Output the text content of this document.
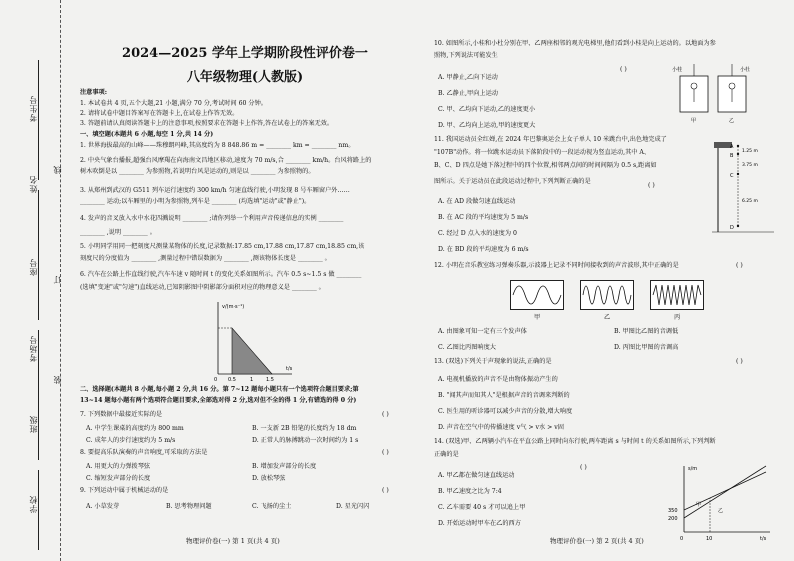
考生号
姓名
座号
考场号
班级
学校
线
订
装
2024—2025 学年上学期阶段性评价卷一
八年级物理(人教版)
注意事项:
1. 本试卷共 4 页,五个大题,21 小题,满分 70 分,考试时间 60 分钟。
2. 请将试卷中题目答案写在答题卡上,在试卷上作答无效。
3. 答题前请认真阅读答题卡上的注意事项,按照要求在答题卡上作答,答在试卷上的答案无效。
一、填空题(本题共 6 小题,每空 1 分,共 14 分)
1. 世界海拔最高的山峰——珠穆朗玛峰,其高度约为 8 848.86 m = ________ km = ________ nm。
2. 中央气象台播报,超强台风摩羯在向海南文昌地区移动,速度为 70 m/s,合 ________ km/h。台风将路上的
树木吹倒是以 ________ 为参照物,若说明台风是运动的,则是以 ________ 为参照物的。
3. 从郑州到武汉的 G511 列车运行速度约 300 km/h 匀速直线行驶,小明发现 8 号车厢窗户外……
________ 运动;以车厢里的小明为参照物,列车是 ________ (均选填"运动"或"静止")。
4. 发声的音叉放入水中水花四溅说明 ________ ;请你列举一个利用声音传递信息的实例 ________
________ ,说明 ________ 。
5. 小明同学用同一把刻度尺测量某物体的长度,记录数据:17.85 cm,17.88 cm,17.87 cm,18.85 cm,该
刻度尺的分度值为 ________ ,测量过程中错误数据为 ________ ,测该物体长度是 ________ 。
6. 汽车在公路上作直线行驶,汽车车速 v 随时间 t 的变化关系如图所示。汽车 0.5 s~1.5 s 做 ________
(选填"变速"或"匀速")直线运动,已知阴影图中阴影部分面积对应的物理意义是 ________ 。
v/(m·s⁻¹)
t/s
0 0.5	1	1.5
二、选择题(本题共 8 小题,每小题 2 分,共 16 分。第 7~12 题每小题只有一个选项符合题目要求;第
13~14 题每小题有两个选项符合题目要求,全部选对得 2 分,选对但不全的得 1 分,有错选的得 0 分)
7. 下列数据中最接近实际的是	( )
A. 中学生课桌的高度约为 800 mm	B. 一支新 2B 铅笔的长度约为 18 dm
C. 成年人的步行速度约为 5 m/s	D. 正常人的脉搏跳动一次时间约为 1 s
8. 要提高乐队演奏的声音响度,可采取的方法是	( )
A. 用更大的力弹拨琴弦	B. 增加发声部分的长度
C. 缩短发声部分的长度	D. 放松琴弦
9. 下列运动中属于机械运动的是	( )
A. 小草发芽	B. 思考物理问题	C. 飞扬的尘土	D. 星光闪闪
物理评价卷(一) 第 1 页(共 4 页)
10. 如图所示,小桂和小杜分别在甲、乙两座相邻的观光电梯里,他们看到小桂是向上运动的。以地面为参
照物,下列说法可能发生
( )
A. 甲静止,乙向下运动
B. 乙静止,甲向上运动
C. 甲、乙均向下运动,乙的速度更小
D. 甲、乙均向上运动,甲的速度更大
小桂	小杜
甲	乙
11. 我国运动员全红婵,在 2024 年巴黎奥运会上女子单人 10 米跳台中,出色地完成了
"107B"动作。将一位跳水运动员下落阶段中的一段运动视为竖直运动,其中 A、
B、C、D 四点是她下落过程中的四个位置,相邻两点间的时间间隔为 0.5 s,距离如
图所示。关于运动员在此段运动过程中,下列判断正确的是
( )
A. 在 AD 段做匀速直线运动
B. 在 AC 段的平均速度为 5 m/s
C. 经过 D 点入水的速度为 0
D. 在 BD 段的平均速度为 6 m/s
A
B
C
D
1.25 m
3.75 m
6.25 m
12. 小明在音乐教室练习弹奏乐器,示波器上记录不同时间接收到的声音波形,其中正确的是	( )
甲	乙	丙
A. 由图象可知一定有三个发声体	B. 甲图比乙图的音调低
C. 乙图比丙图响度大	D. 丙图比甲图的音调高
13. (双选)下列关于声现象的说法,正确的是	( )
A. 电视机播放的声音不是由物体振动产生的
B. "闻其声而知其人"是根据声音的音调来判断的
C. 医生用的听诊器可以减少声音的分散,增大响度
D. 声音在空气中的传播速度 v气 > v水 > v固
14. (双选)甲、乙两辆小汽车在平直公路上同时向东行驶,两车距离 s 与时间 t 的关系如图所示,下列判断
正确的是
( )
A. 甲乙都在做匀速直线运动
B. 甲乙速度之比为 7:4
C. 乙车需要 40 s 才可以追上甲
D. 开始运动时甲车在乙的西方
s/m
t/s
350
200
0	10
甲
乙
物理评价卷(一) 第 2 页(共 4 页)
